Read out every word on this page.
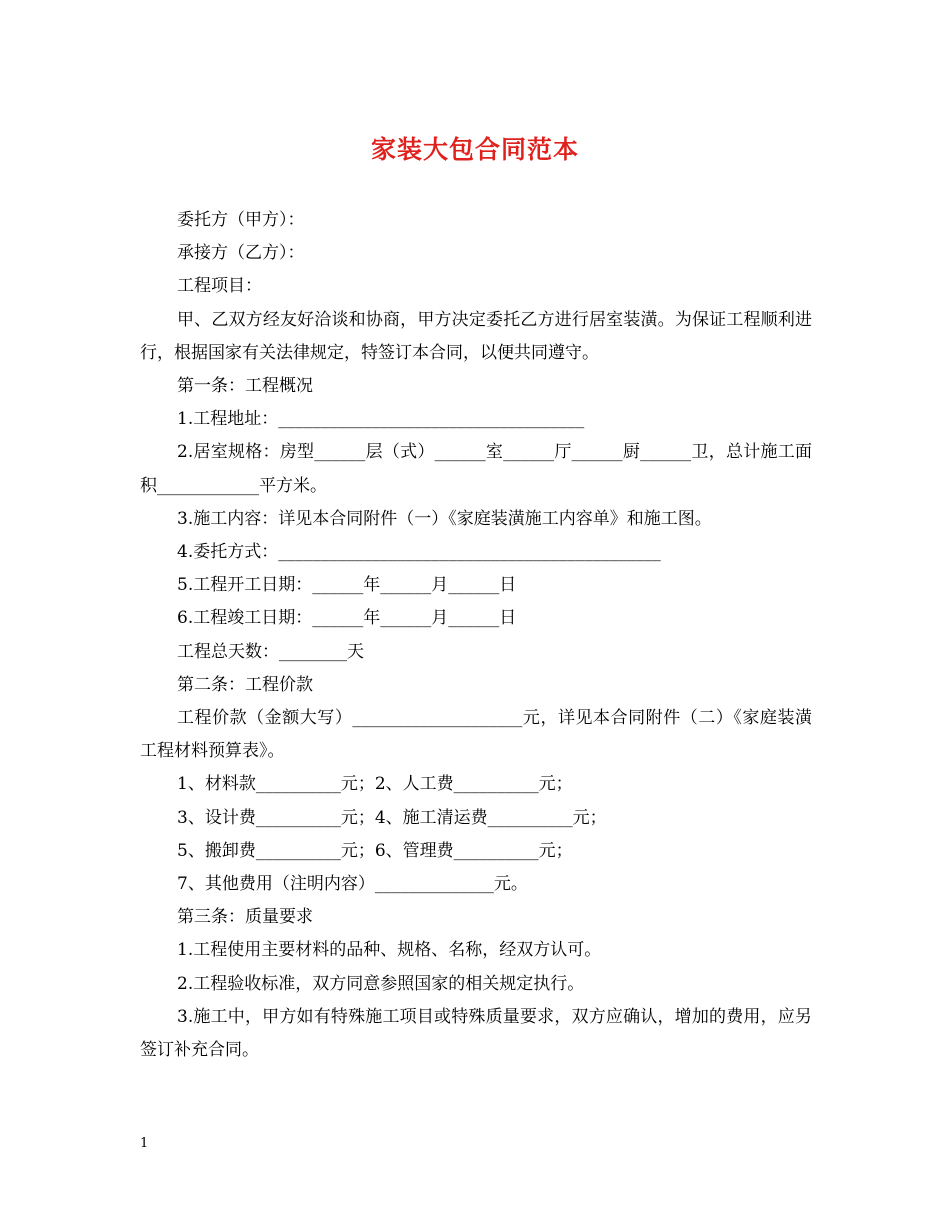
家装大包合同范本

委托方（甲方）：

承接方（乙方）：

工程项目：

甲、乙双方经友好洽谈和协商，甲方决定委托乙方进行居室装潢。为保证工程顺利进行，根据国家有关法律规定，特签订本合同，以便共同遵守。

第一条：工程概况

1.工程地址：____________________________________

2.居室规格：房型______层（式）______室______厅______厨______卫，总计施工面积____________平方米。

3.施工内容：详见本合同附件（一）《家庭装潢施工内容单》和施工图。

4.委托方式：_____________________________________________

5.工程开工日期：______年______月______日

6.工程竣工日期：______年______月______日

工程总天数：________天

第二条：工程价款

工程价款（金额大写）____________________元，详见本合同附件（二）《家庭装潢工程材料预算表》。

1、材料款__________元；2、人工费__________元；

3、设计费__________元；4、施工清运费__________元；

5、搬卸费__________元；6、管理费__________元；

7、其他费用（注明内容）______________元。

第三条：质量要求

1.工程使用主要材料的品种、规格、名称，经双方认可。

2.工程验收标准，双方同意参照国家的相关规定执行。

3.施工中，甲方如有特殊施工项目或特殊质量要求，双方应确认，增加的费用，应另签订补充合同。

1
